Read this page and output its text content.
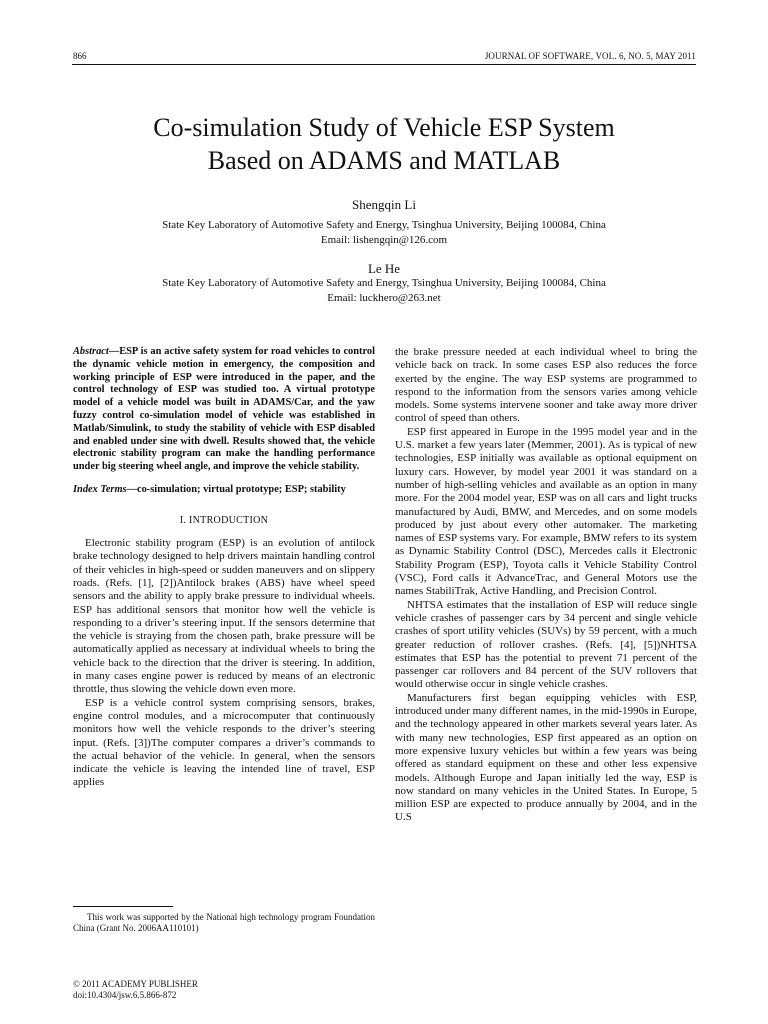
866	JOURNAL OF SOFTWARE, VOL. 6, NO. 5, MAY 2011
Co-simulation Study of Vehicle ESP System
Based on ADAMS and MATLAB
Shengqin Li
State Key Laboratory of Automotive Safety and Energy, Tsinghua University, Beijing 100084, China
Email: lishengqin@126.com
Le He
State Key Laboratory of Automotive Safety and Energy, Tsinghua University, Beijing 100084, China
Email: luckhero@263.net

Abstract—ESP is an active safety system for road vehicles to control the dynamic vehicle motion in emergency, the composition and working principle of ESP were introduced in the paper, and the control technology of ESP was studied too. A virtual prototype model of a vehicle model was built in ADAMS/Car, and the yaw fuzzy control co-simulation model of vehicle was established in Matlab/Simulink, to study the stability of vehicle with ESP disabled and enabled under sine with dwell. Results showed that, the vehicle electronic stability program can make the handling performance under big steering wheel angle, and improve the vehicle stability.

Index Terms—co-simulation; virtual prototype; ESP; stability

I. INTRODUCTION

Electronic stability program (ESP) is an evolution of antilock brake technology designed to help drivers maintain handling control of their vehicles in high-speed or sudden maneuvers and on slippery roads. (Refs. [1], [2])Antilock brakes (ABS) have wheel speed sensors and the ability to apply brake pressure to individual wheels. ESP has additional sensors that monitor how well the vehicle is responding to a driver’s steering input. If the sensors determine that the vehicle is straying from the chosen path, brake pressure will be automatically applied as necessary at individual wheels to bring the vehicle back to the direction that the driver is steering. In addition, in many cases engine power is reduced by means of an electronic throttle, thus slowing the vehicle down even more.

ESP is a vehicle control system comprising sensors, brakes, engine control modules, and a microcomputer that continuously monitors how well the vehicle responds to the driver’s steering input. (Refs. [3])The computer compares a driver’s commands to the actual behavior of the vehicle. In general, when the sensors indicate the vehicle is leaving the intended line of travel, ESP applies

the brake pressure needed at each individual wheel to bring the vehicle back on track. In some cases ESP also reduces the force exerted by the engine. The way ESP systems are programmed to respond to the information from the sensors varies among vehicle models. Some systems intervene sooner and take away more driver control of speed than others.

ESP first appeared in Europe in the 1995 model year and in the U.S. market a few years later (Memmer, 2001). As is typical of new technologies, ESP initially was available as optional equipment on luxury cars. However, by model year 2001 it was standard on a number of high-selling vehicles and available as an option in many more. For the 2004 model year, ESP was on all cars and light trucks manufactured by Audi, BMW, and Mercedes, and on some models produced by just about every other automaker. The marketing names of ESP systems vary. For example, BMW refers to its system as Dynamic Stability Control (DSC), Mercedes calls it Electronic Stability Program (ESP), Toyota calls it Vehicle Stability Control (VSC), Ford calls it AdvanceTrac, and General Motors use the names StabiliTrak, Active Handling, and Precision Control.

NHTSA estimates that the installation of ESP will reduce single vehicle crashes of passenger cars by 34 percent and single vehicle crashes of sport utility vehicles (SUVs) by 59 percent, with a much greater reduction of rollover crashes. (Refs. [4], [5])NHTSA estimates that ESP has the potential to prevent 71 percent of the passenger car rollovers and 84 percent of the SUV rollovers that would otherwise occur in single vehicle crashes.

Manufacturers first began equipping vehicles with ESP, introduced under many different names, in the mid-1990s in Europe, and the technology appeared in other markets several years later. As with many new technologies, ESP first appeared as an option on more expensive luxury vehicles but within a few years was being offered as standard equipment on these and other less expensive models. Although Europe and Japan initially led the way, ESP is now standard on many vehicles in the United States. In Europe, 5 million ESP are expected to produce annually by 2004, and in the U.S

This work was supported by the National high technology program Foundation China (Grant No. 2006AA110101)
© 2011 ACADEMY PUBLISHER
doi:10.4304/jsw.6.5.866-872
